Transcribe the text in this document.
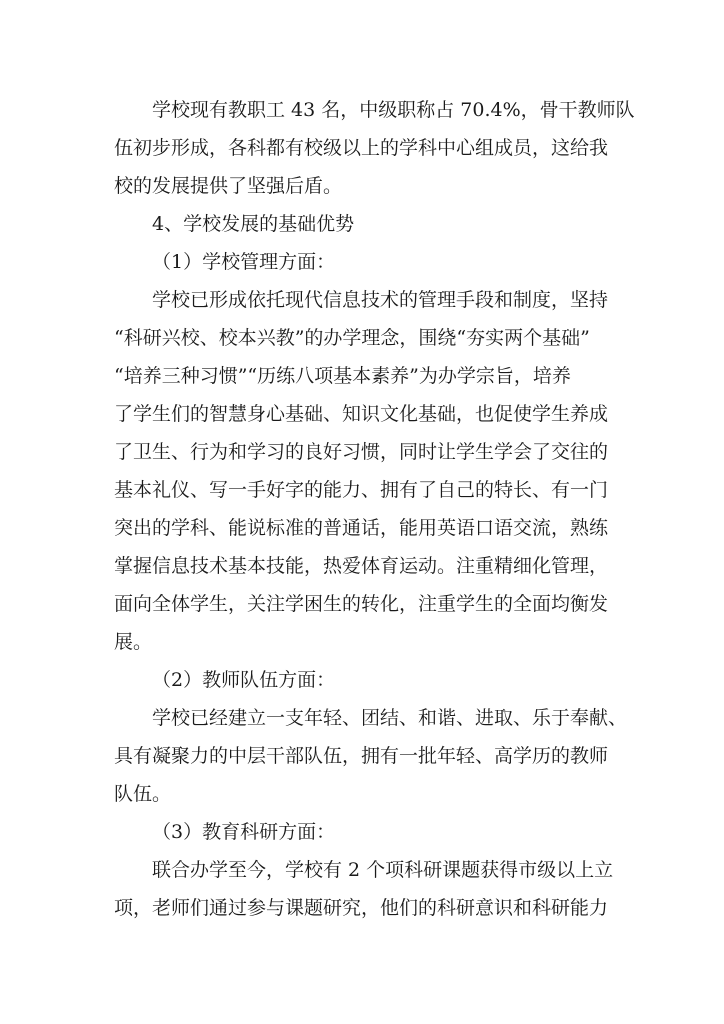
学校现有教职工 43 名，中级职称占 70.4%，骨干教师队
伍初步形成，各科都有校级以上的学科中心组成员，这给我
校的发展提供了坚强后盾。
4、学校发展的基础优势
（1）学校管理方面：
学校已形成依托现代信息技术的管理手段和制度，坚持
“科研兴校、校本兴教”的办学理念，围绕“夯实两个基础”
“培养三种习惯”“历练八项基本素养”为办学宗旨，培养
了学生们的智慧身心基础、知识文化基础，也促使学生养成
了卫生、行为和学习的良好习惯，同时让学生学会了交往的
基本礼仪、写一手好字的能力、拥有了自己的特长、有一门
突出的学科、能说标准的普通话，能用英语口语交流，熟练
掌握信息技术基本技能，热爱体育运动。注重精细化管理，
面向全体学生，关注学困生的转化，注重学生的全面均衡发
展。
（2）教师队伍方面：
学校已经建立一支年轻、团结、和谐、进取、乐于奉献、
具有凝聚力的中层干部队伍，拥有一批年轻、高学历的教师
队伍。
（3）教育科研方面：
联合办学至今，学校有 2 个项科研课题获得市级以上立
项，老师们通过参与课题研究，他们的科研意识和科研能力
